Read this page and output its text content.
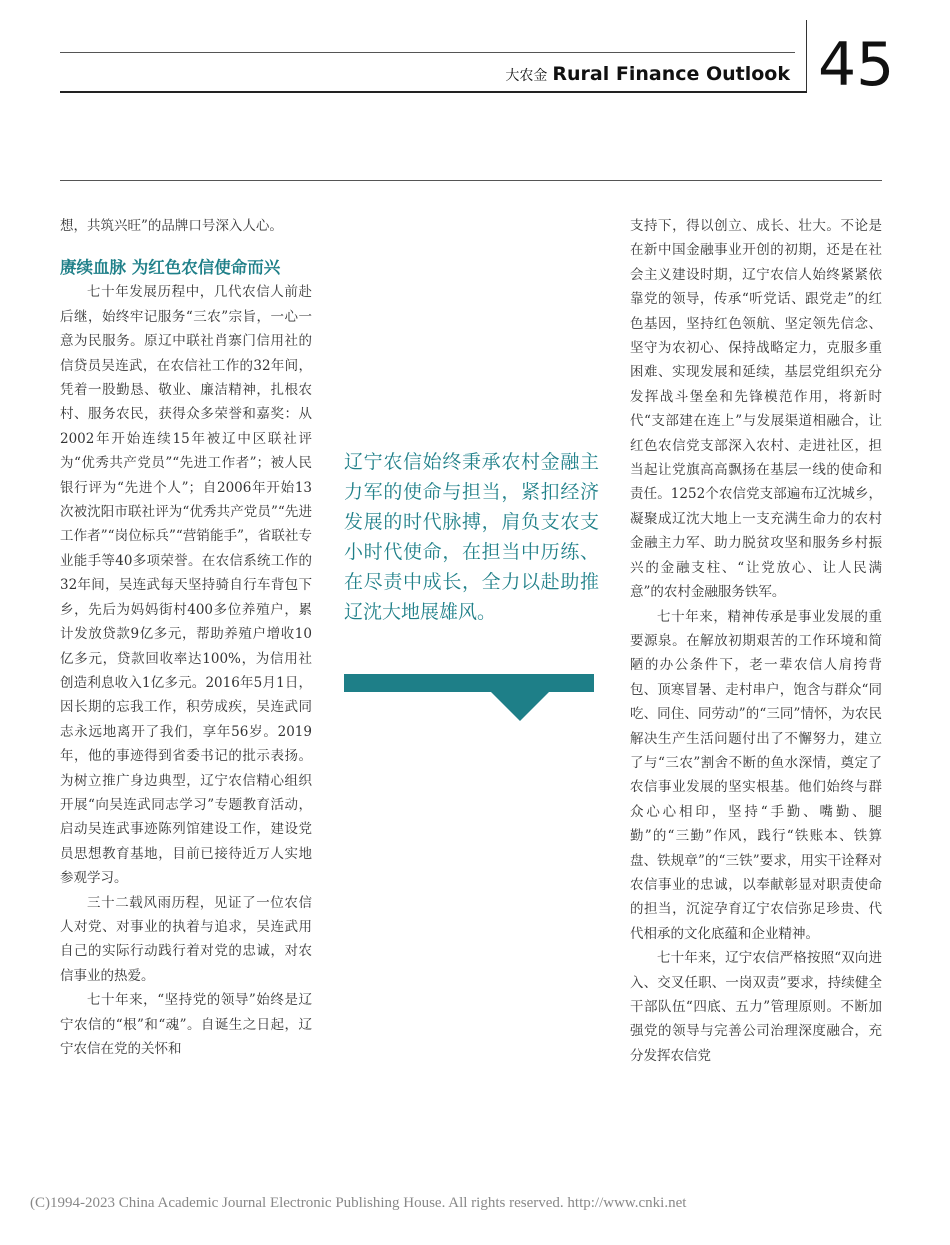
大农金 Rural Finance Outlook 45

想，共筑兴旺”的品牌口号深入人心。

赓续血脉 为红色农信使命而兴

七十年发展历程中，几代农信人前赴后继，始终牢记服务“三农”宗旨，一心一意为民服务。原辽中联社肖寨门信用社的信贷员吴连武，在农信社工作的32年间，凭着一股勤恳、敬业、廉洁精神，扎根农村、服务农民，获得众多荣誉和嘉奖：从2002年开始连续15年被辽中区联社评为“优秀共产党员”“先进工作者”；被人民银行评为“先进个人”；自2006年开始13次被沈阳市联社评为“优秀共产党员”“先进工作者”“岗位标兵”“营销能手”，省联社专业能手等40多项荣誉。在农信系统工作的32年间，吴连武每天坚持骑自行车背包下乡，先后为妈妈街村400多位养殖户，累计发放贷款9亿多元，帮助养殖户增收10亿多元，贷款回收率达100%，为信用社创造利息收入1亿多元。2016年5月1日，因长期的忘我工作，积劳成疾，吴连武同志永远地离开了我们，享年56岁。2019年，他的事迹得到省委书记的批示表扬。为树立推广身边典型，辽宁农信精心组织开展“向吴连武同志学习”专题教育活动，启动吴连武事迹陈列馆建设工作，建设党员思想教育基地，目前已接待近万人实地参观学习。

三十二载风雨历程，见证了一位农信人对党、对事业的执着与追求，吴连武用自己的实际行动践行着对党的忠诚，对农信事业的热爱。

七十年来，“坚持党的领导”始终是辽宁农信的“根”和“魂”。自诞生之日起，辽宁农信在党的关怀和

辽宁农信始终秉承农村金融主力军的使命与担当，紧扣经济发展的时代脉搏，肩负支农支小时代使命，在担当中历练、在尽责中成长，全力以赴助推辽沈大地展雄风。

支持下，得以创立、成长、壮大。不论是在新中国金融事业开创的初期，还是在社会主义建设时期，辽宁农信人始终紧紧依靠党的领导，传承“听党话、跟党走”的红色基因，坚持红色领航、坚定领先信念、坚守为农初心、保持战略定力，克服多重困难、实现发展和延续，基层党组织充分发挥战斗堡垒和先锋模范作用，将新时代“支部建在连上”与发展渠道相融合，让红色农信党支部深入农村、走进社区，担当起让党旗高高飘扬在基层一线的使命和责任。1252个农信党支部遍布辽沈城乡，凝聚成辽沈大地上一支充满生命力的农村金融主力军、助力脱贫攻坚和服务乡村振兴的金融支柱、“让党放心、让人民满意”的农村金融服务铁军。

七十年来，精神传承是事业发展的重要源泉。在解放初期艰苦的工作环境和简陋的办公条件下，老一辈农信人肩挎背包、顶寒冒暑、走村串户，饱含与群众“同吃、同住、同劳动”的“三同”情怀，为农民解决生产生活问题付出了不懈努力，建立了与“三农”割舍不断的鱼水深情，奠定了农信事业发展的坚实根基。他们始终与群众心心相印，坚持“手勤、嘴勤、腿勤”的“三勤”作风，践行“铁账本、铁算盘、铁规章”的“三铁”要求，用实干诠释对农信事业的忠诚，以奉献彰显对职责使命的担当，沉淀孕育辽宁农信弥足珍贵、代代相承的文化底蕴和企业精神。

七十年来，辽宁农信严格按照“双向进入、交叉任职、一岗双责”要求，持续健全干部队伍“四底、五力”管理原则。不断加强党的领导与完善公司治理深度融合，充分发挥农信党

(C)1994-2023 China Academic Journal Electronic Publishing House. All rights reserved. http://www.cnki.net
